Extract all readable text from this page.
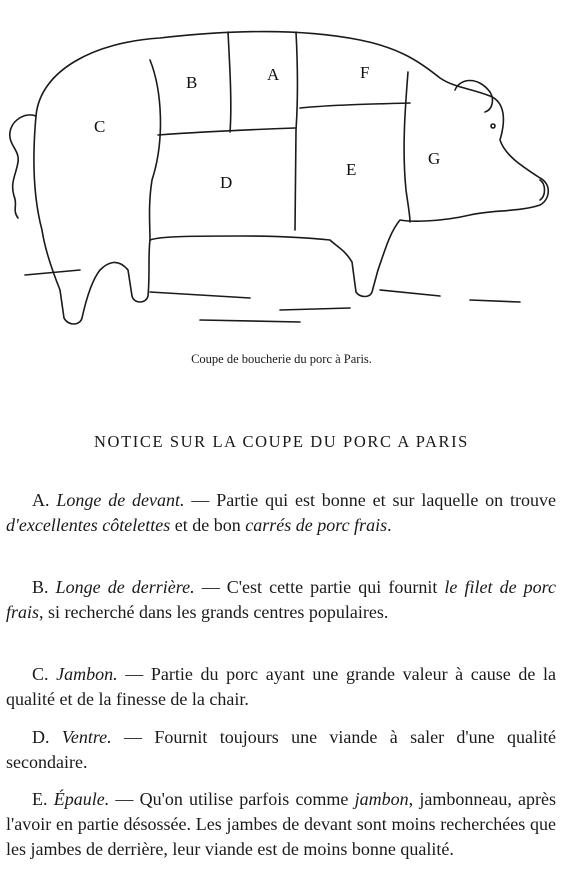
A
B
C
D
E
F
G
Coupe de boucherie du porc à Paris.
NOTICE SUR LA COUPE DU PORC A PARIS
A. Longe de devant. — Partie qui est bonne et sur laquelle on trouve d'excellentes côtelettes et de bon carrés de porc frais.
B. Longe de derrière. — C'est cette partie qui fournit le filet de porc frais, si recherché dans les grands centres populaires.
C. Jambon. — Partie du porc ayant une grande valeur à cause de la qualité et de la finesse de la chair.
D. Ventre. — Fournit toujours une viande à saler d'une qualité secondaire.
E. Épaule. — Qu'on utilise parfois comme jambon, jambonneau, après l'avoir en partie désossée. Les jambes de devant sont moins recherchées que les jambes de derrière, leur viande est de moins bonne qualité.
